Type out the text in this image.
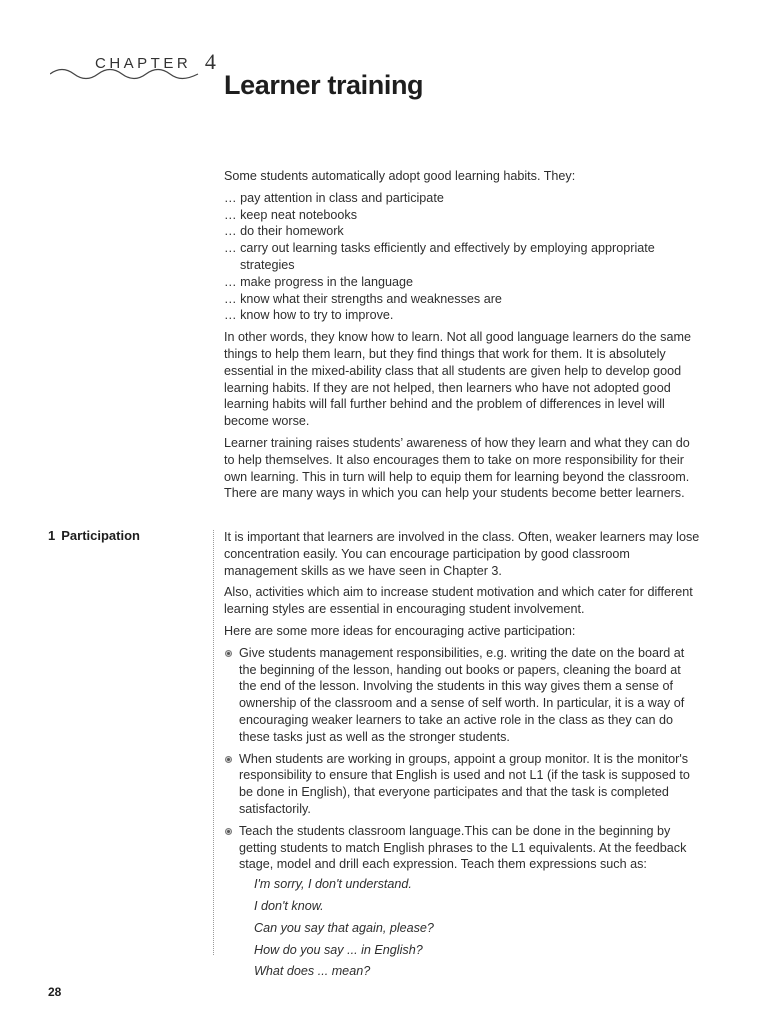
CHAPTER 4
Learner training

Some students automatically adopt good learning habits. They:

… pay attention in class and participate
… keep neat notebooks
… do their homework
… carry out learning tasks efficiently and effectively by employing appropriate strategies
… make progress in the language
… know what their strengths and weaknesses are
… know how to try to improve.

In other words, they know how to learn. Not all good language learners do the same things to help them learn, but they find things that work for them. It is absolutely essential in the mixed-ability class that all students are given help to develop good learning habits. If they are not helped, then learners who have not adopted good learning habits will fall further behind and the problem of differences in level will become worse.

Learner training raises students’ awareness of how they learn and what they can do to help themselves. It also encourages them to take on more responsibility for their own learning. This in turn will help to equip them for learning beyond the classroom. There are many ways in which you can help your students become better learners.

1 Participation	It is important that learners are involved in the class. Often, weaker learners may lose concentration easily. You can encourage participation by good classroom management skills as we have seen in Chapter 3.

Also, activities which aim to increase student motivation and which cater for different learning styles are essential in encouraging student involvement.

Here are some more ideas for encouraging active participation:

Give students management responsibilities, e.g. writing the date on the board at the beginning of the lesson, handing out books or papers, cleaning the board at the end of the lesson. Involving the students in this way gives them a sense of ownership of the classroom and a sense of self worth. In particular, it is a way of encouraging weaker learners to take an active role in the class as they can do these tasks just as well as the stronger students.
When students are working in groups, appoint a group monitor. It is the monitor's responsibility to ensure that English is used and not L1 (if the task is supposed to be done in English), that everyone participates and that the task is completed satisfactorily.
Teach the students classroom language.This can be done in the beginning by getting students to match English phrases to the L1 equivalents. At the feedback stage, model and drill each expression. Teach them expressions such as:
I'm sorry, I don't understand.
I don't know.
Can you say that again, please?
How do you say ... in English?
What does ... mean?
28
